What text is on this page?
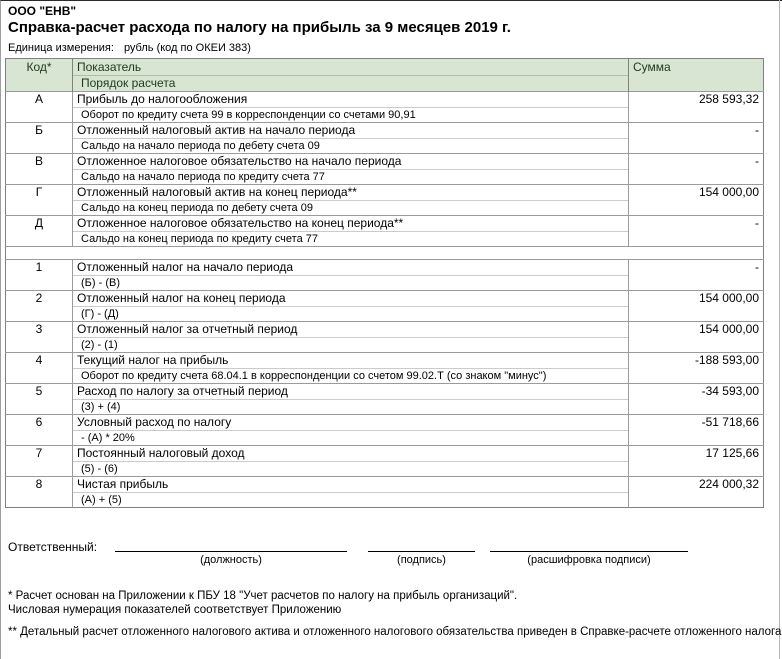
ООО "ЕНВ"
Справка-расчет расхода по налогу на прибыль за 9 месяцев 2019 г.
Единица измерения: рубль (код по ОКЕИ 383)
Код*	Показатель	Сумма
	Порядок расчета	
А	Прибыль до налогообложения	258 593,32
	Оборот по кредиту счета 99 в корреспонденции со счетами 90,91	
Б	Отложенный налоговый актив на начало периода	-
	Сальдо на начало периода по дебету счета 09	
В	Отложенное налоговое обязательство на начало периода	-
	Сальдо на начало периода по кредиту счета 77	
Г	Отложенный налоговый актив на конец периода**	154 000,00
	Сальдо на конец периода по дебету счета 09	
Д	Отложенное налоговое обязательство на конец периода**	-
	Сальдо на конец периода по кредиту счета 77	

1	Отложенный налог на начало периода	-
	(Б) - (В)	
2	Отложенный налог на конец периода	154 000,00
	(Г) - (Д)	
3	Отложенный налог за отчетный период	154 000,00
	(2) - (1)	
4	Текущий налог на прибыль	-188 593,00
	Оборот по кредиту счета 68.04.1 в корреспонденции со счетом 99.02.Т (со знаком "минус")	
5	Расход по налогу за отчетный период	-34 593,00
	(3) + (4)	
6	Условный расход по налогу	-51 718,66
	- (А) * 20%	
7	Постоянный налоговый доход	17 125,66
	(5) - (6)	
8	Чистая прибыль	224 000,32
	(А) + (5)	
Ответственный:
(должность)	(подпись)	(расшифровка подписи)
* Расчет основан на Приложении к ПБУ 18 "Учет расчетов по налогу на прибыль организаций".
Числовая нумерация показателей соответствует Приложению
** Детальный расчет отложенного налогового актива и отложенного налогового обязательства приведен в Справке-расчете отложенного налога
